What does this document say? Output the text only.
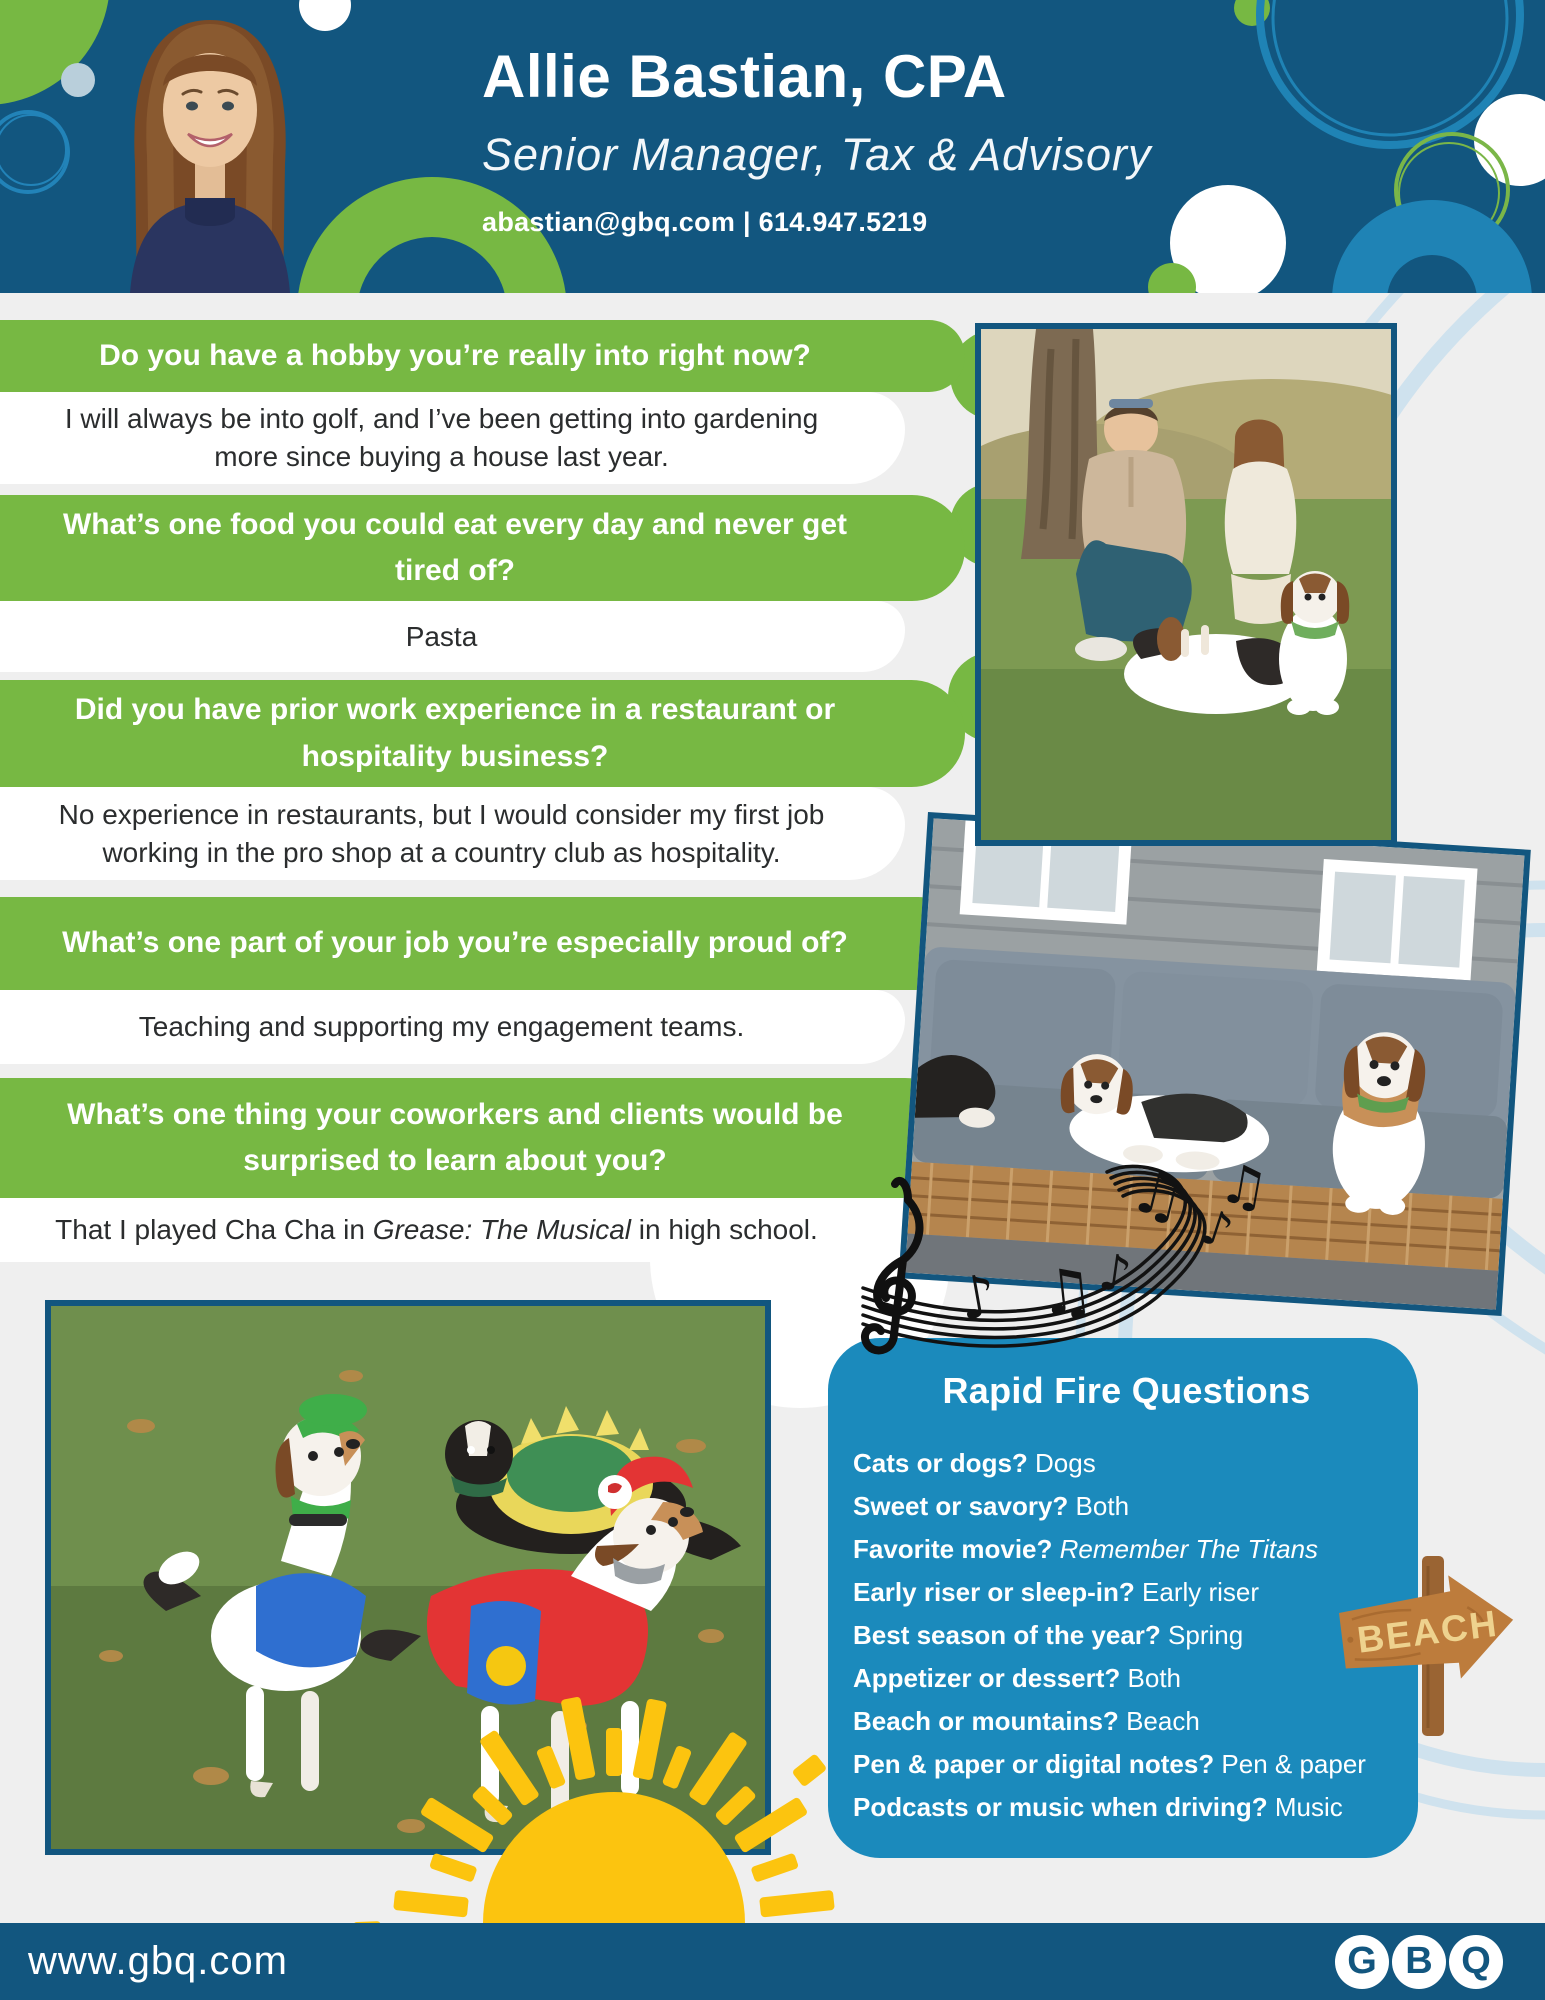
Allie Bastian, CPA
Senior Manager, Tax & Advisory
abastian@gbq.com | 614.947.5219
Do you have a hobby you’re really into right now?
I will always be into golf, and I’ve been getting into gardening more since buying a house last year.
What’s one food you could eat every day and never get tired of?
Pasta
Did you have prior work experience in a restaurant or hospitality business?
No experience in restaurants, but I would consider my first job working in the pro shop at a country club as hospitality.
What’s one part of your job you’re especially proud of?
Teaching and supporting my engagement teams.
What’s one thing your coworkers and clients would be surprised to learn about you?
That I played Cha Cha in Grease: The Musical in high school.
♪ ♫
♪
♫ ♪
♫
Rapid Fire Questions
Cats or dogs? Dogs
Sweet or savory? Both
Favorite movie? Remember The Titans
Early riser or sleep-in? Early riser
Best season of the year? Spring
Appetizer or dessert? Both
Beach or mountains? Beach
Pen & paper or digital notes? Pen & paper
Podcasts or music when driving? Music
BEACH
www.gbq.com	G B Q
